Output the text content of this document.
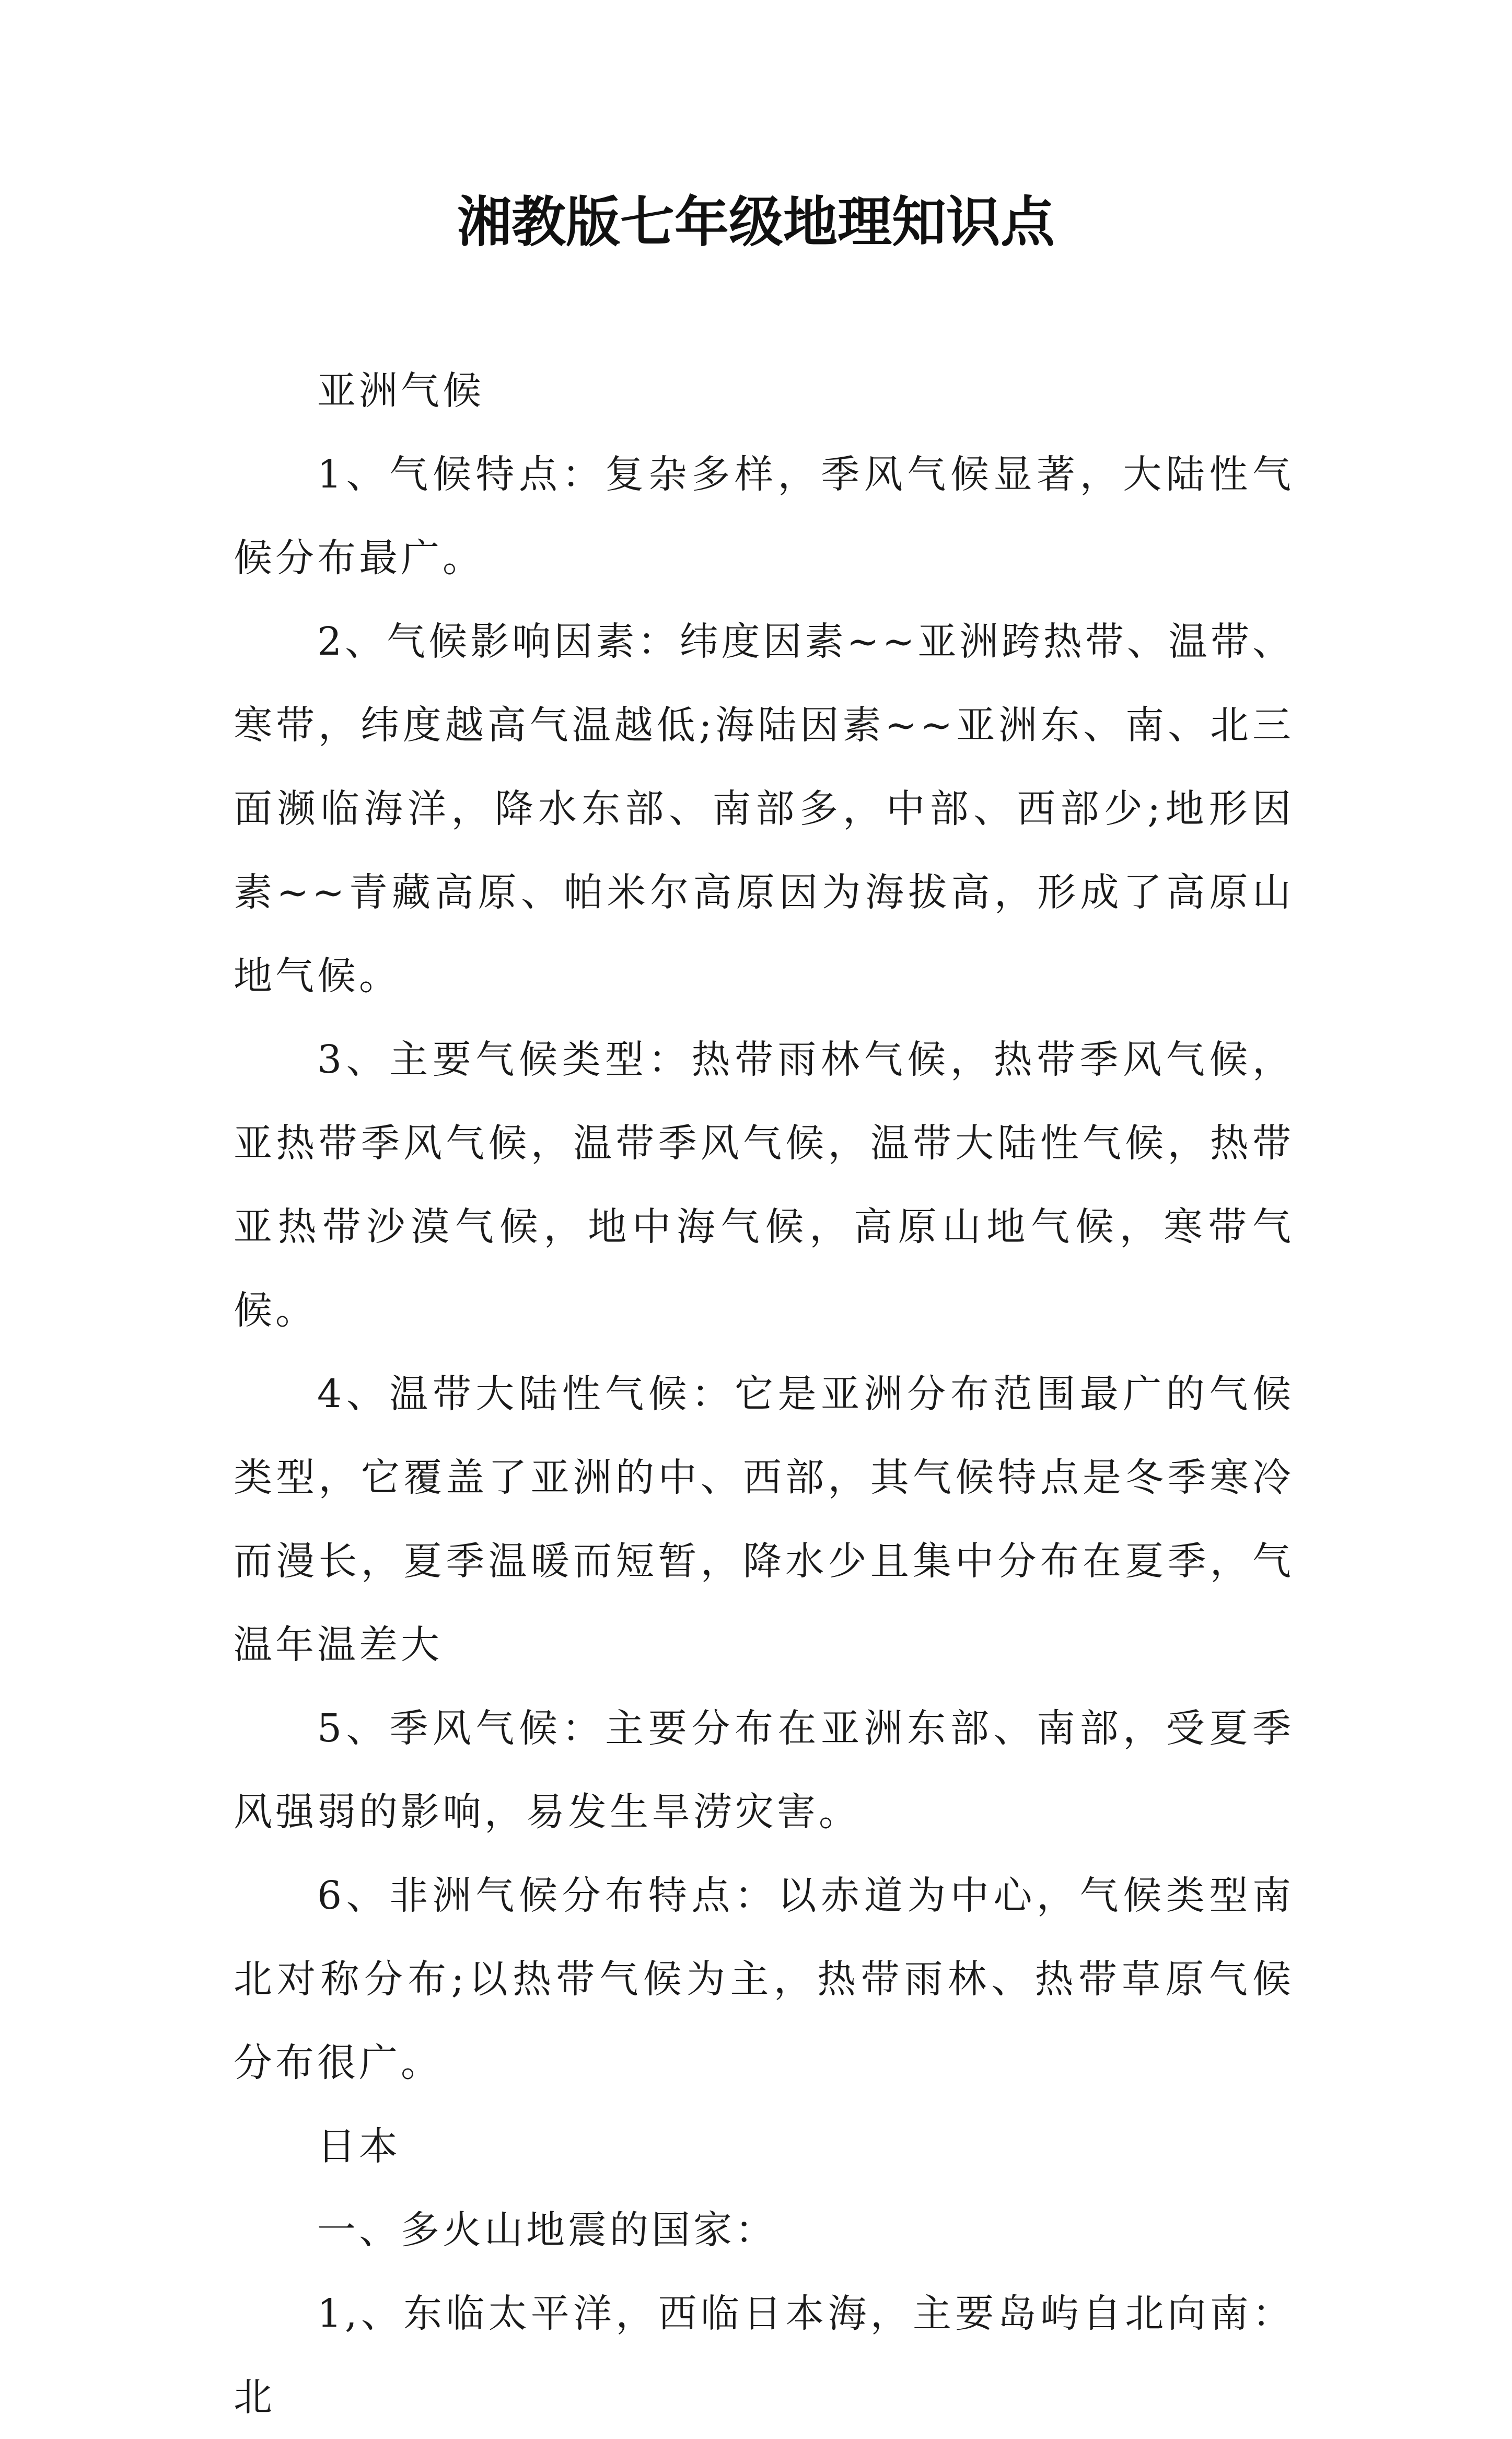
湘教版七年级地理知识点

亚洲气候

1、气候特点：复杂多样，季风气候显著，大陆性气候分布最广。

2、气候影响因素：纬度因素~~亚洲跨热带、温带、寒带，纬度越高气温越低;海陆因素~~亚洲东、南、北三面濒临海洋，降水东部、南部多，中部、西部少;地形因素~~青藏高原、帕米尔高原因为海拔高，形成了高原山地气候。

3、主要气候类型：热带雨林气候，热带季风气候，亚热带季风气候，温带季风气候，温带大陆性气候，热带亚热带沙漠气候，地中海气候，高原山地气候，寒带气候。

4、温带大陆性气候：它是亚洲分布范围最广的气候类型，它覆盖了亚洲的中、西部，其气候特点是冬季寒冷而漫长，夏季温暖而短暂，降水少且集中分布在夏季，气温年温差大

5、季风气候：主要分布在亚洲东部、南部，受夏季风强弱的影响，易发生旱涝灾害。

6、非洲气候分布特点：以赤道为中心，气候类型南北对称分布;以热带气候为主，热带雨林、热带草原气候分布很广。

日本

一、多火山地震的国家：

1,、东临太平洋，西临日本海，主要岛屿自北向南：北
